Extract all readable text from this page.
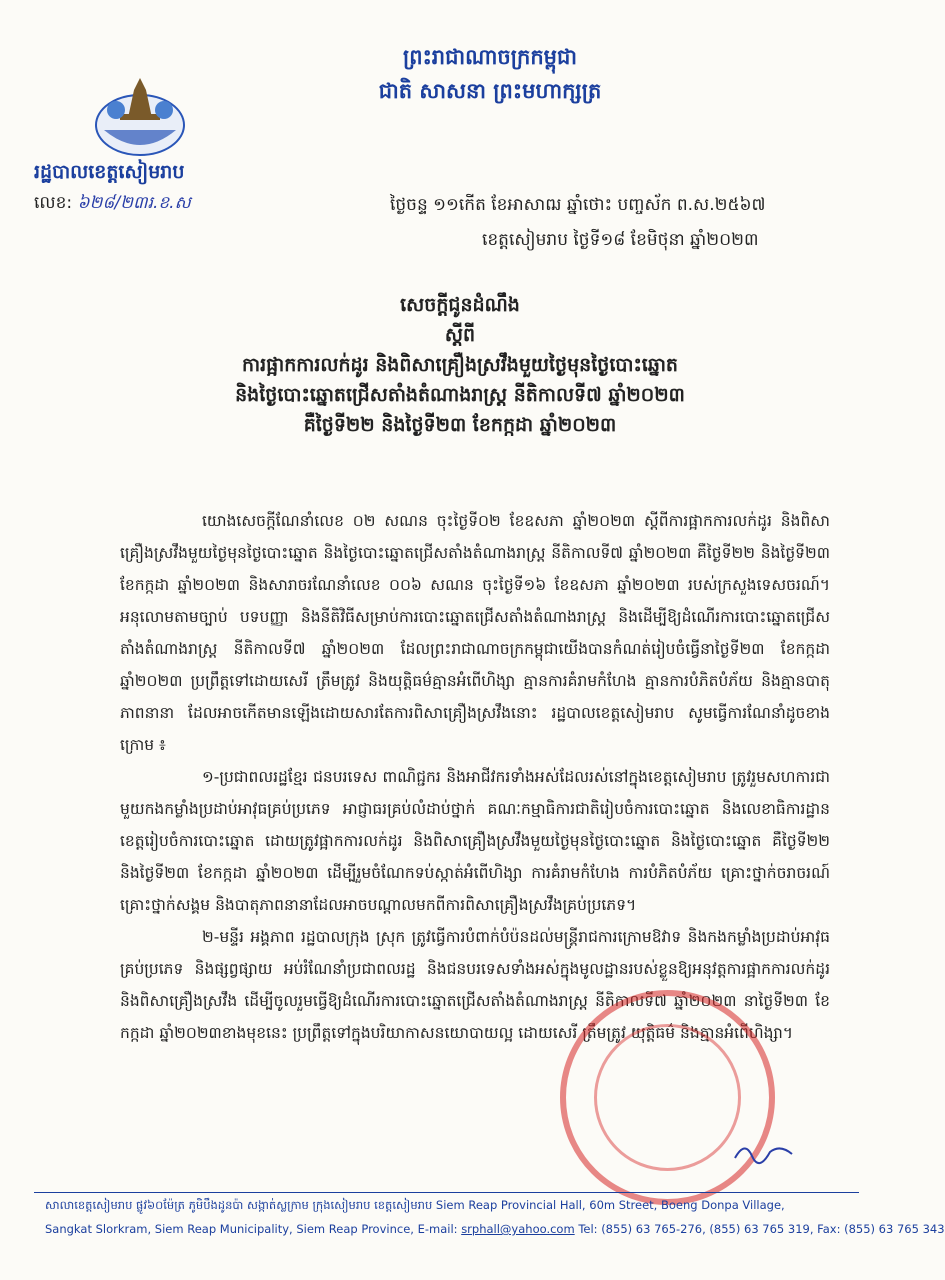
ព្រះរាជាណាចក្រកម្ពុជា
ជាតិ សាសនា ព្រះមហាក្សត្រ
រដ្ឋបាលខេត្តសៀមរាប
លេខ: ៦២៨/២៣រ.ខ.ស	ថ្ងៃ​ចន្ទ ១១កើត ខែ​អាសាឍ ឆ្នាំ​ថោះ បញ្ចស័ក ព.ស.២៥៦៧
ខេត្តសៀមរាប ថ្ងៃទី១៨ ខែមិថុនា ឆ្នាំ២០២៣
សេចក្តីជូនដំណឹង
ស្តីពី
ការផ្អាកការលក់ដូរ និងពិសាគ្រឿងស្រវឹងមួយថ្ងៃមុនថ្ងៃបោះឆ្នោត
និងថ្ងៃបោះឆ្នោតជ្រើសតាំងតំណាងរាស្ត្រ នីតិកាលទី៧ ឆ្នាំ២០២៣
គឺថ្ងៃទី២២ និងថ្ងៃទី២៣ ខែកក្កដា ឆ្នាំ២០២៣

យោងសេចក្តីណែនាំលេខ ០២ សណន ចុះថ្ងៃទី០២ ខែឧសភា ឆ្នាំ២០២៣ ស្តីពីការផ្អាកការលក់ដូរ និងពិសាគ្រឿងស្រវឹងមួយថ្ងៃមុនថ្ងៃបោះឆ្នោត និងថ្ងៃបោះឆ្នោតជ្រើសតាំងតំណាងរាស្ត្រ នីតិកាលទី៧ ឆ្នាំ២០២៣ គឺថ្ងៃទី២២ និងថ្ងៃទី២៣ ខែកក្កដា ឆ្នាំ២០២៣ និងសារាចរណែនាំលេខ ០០៦ សណន ចុះថ្ងៃទី១៦ ខែឧសភា ឆ្នាំ២០២៣ របស់ក្រសួងទេសចរណ៍។ អនុលោមតាមច្បាប់ បទបញ្ញា និងនីតិវិធីសម្រាប់ការបោះឆ្នោតជ្រើសតាំងតំណាងរាស្ត្រ និងដើម្បីឱ្យដំណើរការបោះឆ្នោតជ្រើសតាំងតំណាងរាស្ត្រ នីតិកាលទី៧ ឆ្នាំ២០២៣ ដែលព្រះរាជាណាចក្រកម្ពុជាយើងបានកំណត់រៀបចំធ្វើនាថ្ងៃទី២៣ ខែកក្កដា ឆ្នាំ២០២៣ ប្រព្រឹត្តទៅដោយសេរី ត្រឹមត្រូវ និងយុត្តិធម៌គ្មានអំពើហិង្សា គ្មានការគំរាមកំហែង គ្មានការបំភិតបំភ័យ និងគ្មានបាតុភាពនានា ដែលអាចកើតមានឡើងដោយសារតែការពិសាគ្រឿងស្រវឹងនោះ រដ្ឋបាលខេត្តសៀមរាប សូមធ្វើការណែនាំដូចខាងក្រោម ៖

១-ប្រជាពលរដ្ឋខ្មែរ ជនបរទេស ពាណិជ្ជករ និងអាជីវករទាំងអស់ដែលរស់នៅក្នុងខេត្តសៀមរាប ត្រូវរួមសហការជាមួយកងកម្លាំងប្រដាប់អាវុធគ្រប់ប្រភេទ អាជ្ញាធរគ្រប់លំដាប់ថ្នាក់ គណៈកម្មាធិការជាតិរៀបចំការបោះឆ្នោត និងលេខាធិការដ្ឋានខេត្តរៀបចំការបោះឆ្នោត ដោយត្រូវផ្អាកការលក់ដូរ និងពិសាគ្រឿងស្រវឹងមួយថ្ងៃមុនថ្ងៃបោះឆ្នោត និងថ្ងៃបោះឆ្នោត គឺថ្ងៃទី២២ និងថ្ងៃទី២៣ ខែកក្កដា ឆ្នាំ២០២៣ ដើម្បីរួមចំណែកទប់ស្កាត់អំពើហិង្សា ការគំរាមកំហែង ការបំភិតបំភ័យ គ្រោះថ្នាក់ចរាចរណ៍ គ្រោះថ្នាក់សង្គម និងបាតុភាពនានាដែលអាចបណ្តាលមកពីការពិសាគ្រឿងស្រវឹងគ្រប់ប្រភេទ។

២-មន្ទីរ អង្គភាព រដ្ឋបាលក្រុង ស្រុក ត្រូវធ្វើការបំពាក់បំប៉នដល់មន្ត្រីរាជការក្រោមឱវាទ និងកងកម្លាំងប្រដាប់អាវុធគ្រប់ប្រភេទ និងផ្សព្វផ្សាយ អប់រំណែនាំប្រជាពលរដ្ឋ និងជនបរទេសទាំងអស់ក្នុងមូលដ្ឋានរបស់ខ្លួនឱ្យអនុវត្តការផ្អាកការលក់ដូរ និងពិសាគ្រឿងស្រវឹង ដើម្បីចូលរួមធ្វើឱ្យដំណើរការបោះឆ្នោតជ្រើសតាំងតំណាងរាស្ត្រ នីតិកាលទី៧ ឆ្នាំ២០២៣ នាថ្ងៃទី២៣ ខែកក្កដា ឆ្នាំ២០២៣ខាងមុខនេះ ប្រព្រឹត្តទៅក្នុងបរិយាកាសនយោបាយល្អ ដោយសេរី ត្រឹមត្រូវ យុត្តិធម៌ និងគ្មានអំពើហិង្សា។

សាលាខេត្តសៀមរាប ផ្លូវ៦០ម៉ែត្រ ភូមិបឹងដូនប៉ា សង្កាត់ស្លក្រាម ក្រុងសៀមរាប ខេត្តសៀមរាប Siem Reap Provincial Hall, 60m Street, Boeng Donpa Village,
Sangkat Slorkram, Siem Reap Municipality, Siem Reap Province, E-mail: srphall@yahoo.com Tel: (855) 63 765-276, (855) 63 765 319, Fax: (855) 63 765 343
